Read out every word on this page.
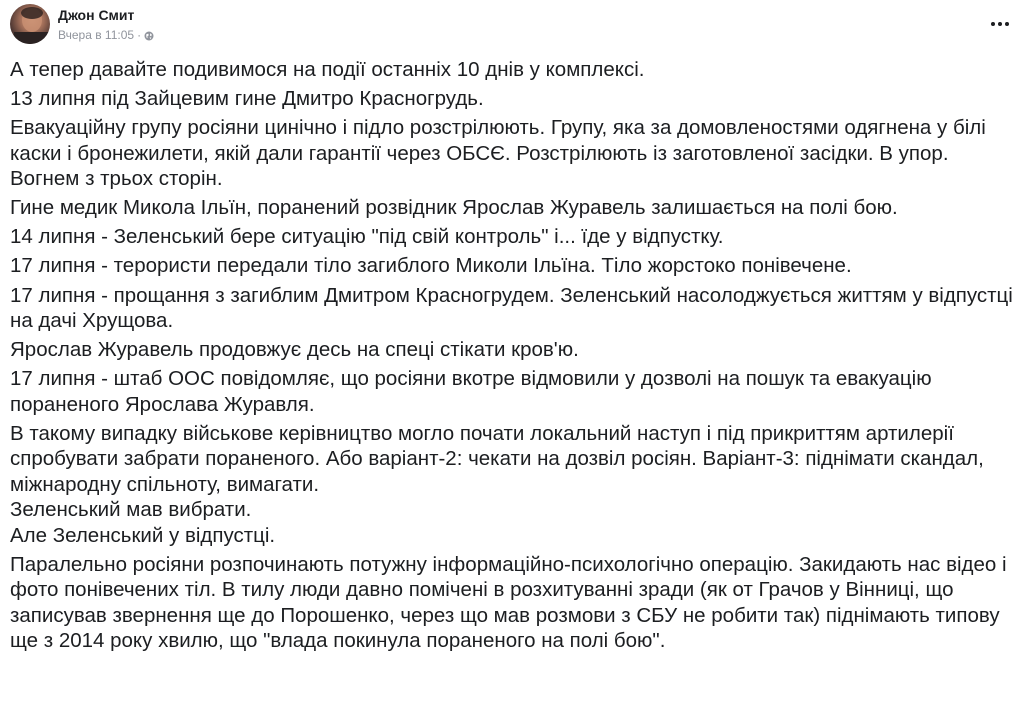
Джон Смит
Вчера в 11:05 ·

А тепер давайте подивимося на події останніх 10 днів у комплексі.

13 липня під Зайцевим гине Дмитро Красногрудь.

Евакуаційну групу росіяни цинічно і підло розстрілюють. Групу, яка за домовленостями одягнена у білі каски і бронежилети, якій дали гарантії через ОБСЄ. Розстрілюють із заготовленої засідки. В упор. Вогнем з трьох сторін.

Гине медик Микола Ільїн, поранений розвідник Ярослав Журавель залишається на полі бою.

14 липня - Зеленський бере ситуацію "під свій контроль" і... їде у відпустку.

17 липня - терористи передали тіло загиблого Миколи Ільїна. Тіло жорстоко понівечене.

17 липня - прощання з загиблим Дмитром Красногрудем. Зеленський насолоджується життям у відпустці на дачі Хрущова.

Ярослав Журавель продовжує десь на спеці стікати кров'ю.

17 липня - штаб ООС повідомляє, що росіяни вкотре відмовили у дозволі на пошук та евакуацію пораненого Ярослава Журавля.

В такому випадку військове керівництво могло почати локальний наступ і під прикриттям артилерії спробувати забрати пораненого. Або варіант-2: чекати на дозвіл росіян. Варіант-3: піднімати скандал, міжнародну спільноту, вимагати.

Зеленський мав вибрати.

Але Зеленський у відпустці.

Паралельно росіяни розпочинають потужну інформаційно-психологічно операцію. Закидають нас відео і фото понівечених тіл. В тилу люди давно помічені в розхитуванні зради (як от Грачов у Вінниці, що записував звернення ще до Порошенко, через що мав розмови з СБУ не робити так) піднімають типову ще з 2014 року хвилю, що "влада покинула пораненого на полі бою".
